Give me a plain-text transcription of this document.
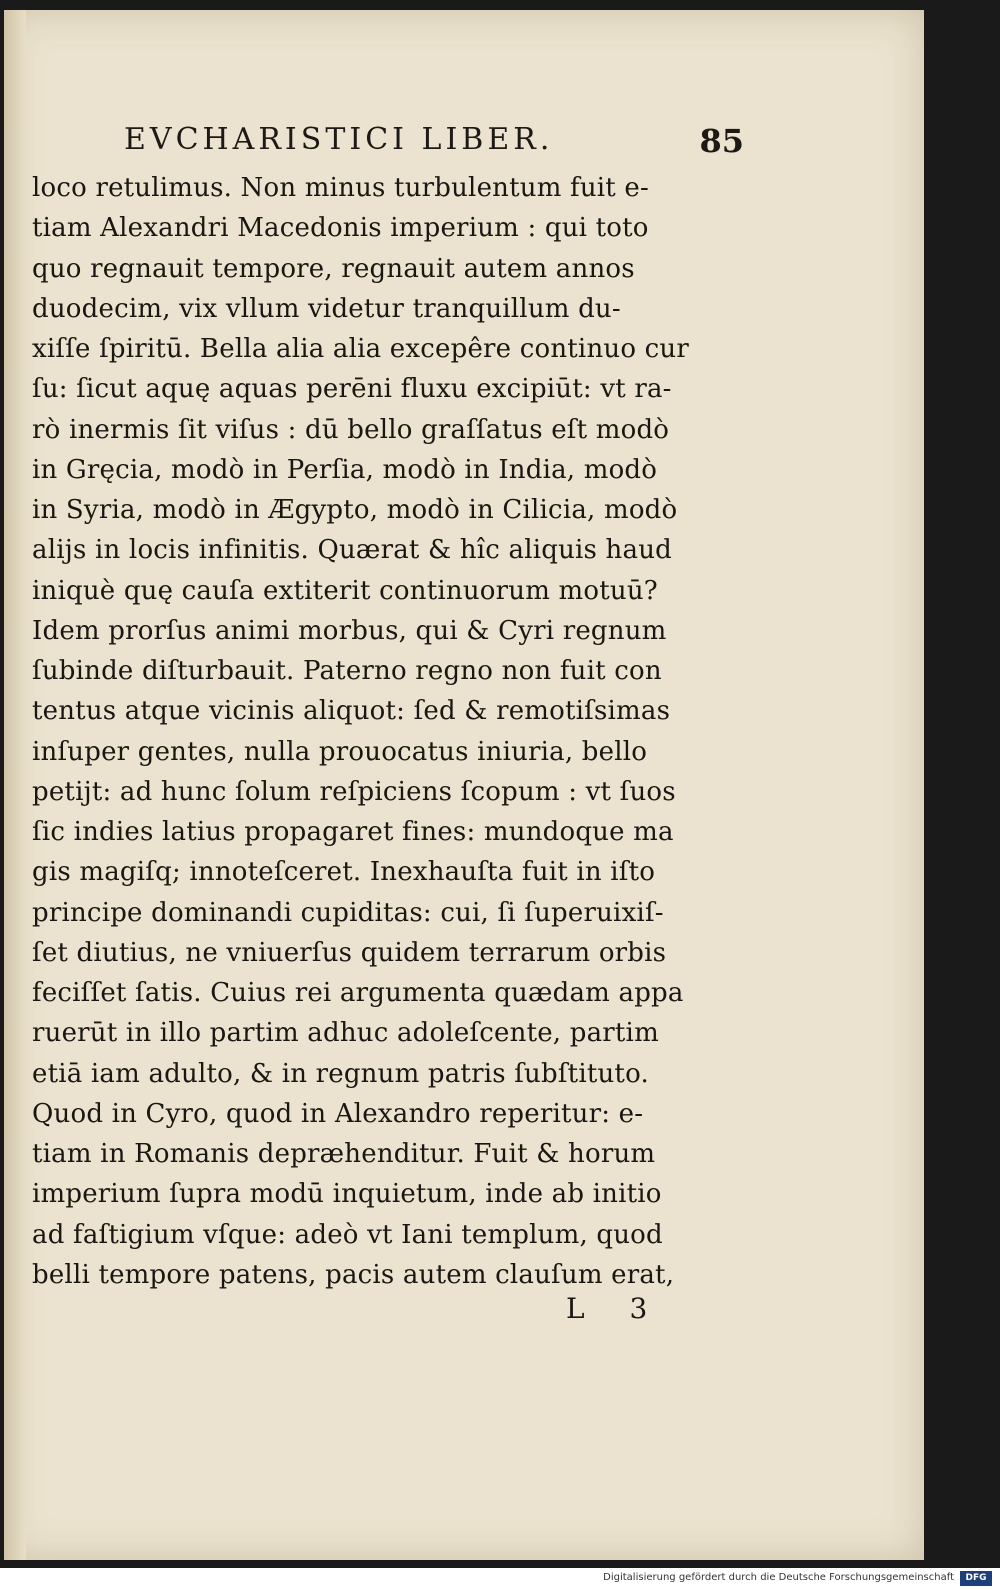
EVCHARISTICI LIBER.	85
loco retulimus. Non minus turbulentum fuit e-
tiam Alexandri Macedonis imperium : qui toto
quo regnauit tempore, regnauit autem annos
duodecim, vix vllum videtur tranquillum du-
xiſſe ſpiritū. Bella alia alia excepêre continuo cur
ſu: ſicut aquę aquas perēni fluxu excipiūt: vt ra-
rò inermis ſit viſus : dū bello graſſatus eſt modò
in Gręcia, modò in Perſia, modò in India, modò
in Syria, modò in Ægypto, modò in Cilicia, modò
alijs in locis infinitis. Quærat & hîc aliquis haud
iniquè quę cauſa extiterit continuorum motuū?
Idem prorſus animi morbus, qui & Cyri regnum
ſubinde diſturbauit. Paterno regno non fuit con
tentus atque vicinis aliquot: ſed & remotiſsimas
inſuper gentes, nulla prouocatus iniuria, bello
petijt: ad hunc ſolum reſpiciens ſcopum : vt ſuos
ſic indies latius propagaret fines: mundoque ma
gis magiſq; innoteſceret. Inexhauſta fuit in iſto
principe dominandi cupiditas: cui, ſi ſuperuixiſ-
ſet diutius, ne vniuerſus quidem terrarum orbis
feciſſet ſatis. Cuius rei argumenta quædam appa
ruerūt in illo partim adhuc adoleſcente, partim
etiā iam adulto, & in regnum patris ſubſtituto.
Quod in Cyro, quod in Alexandro reperitur: e-
tiam in Romanis depræhenditur. Fuit & horum
imperium ſupra modū inquietum, inde ab initio
ad faſtigium vſque: adeò vt Iani templum, quod
belli tempore patens, pacis autem clauſum erat,
L 3
Digitalisierung gefördert durch die Deutsche Forschungsgemeinschaft	DFG
